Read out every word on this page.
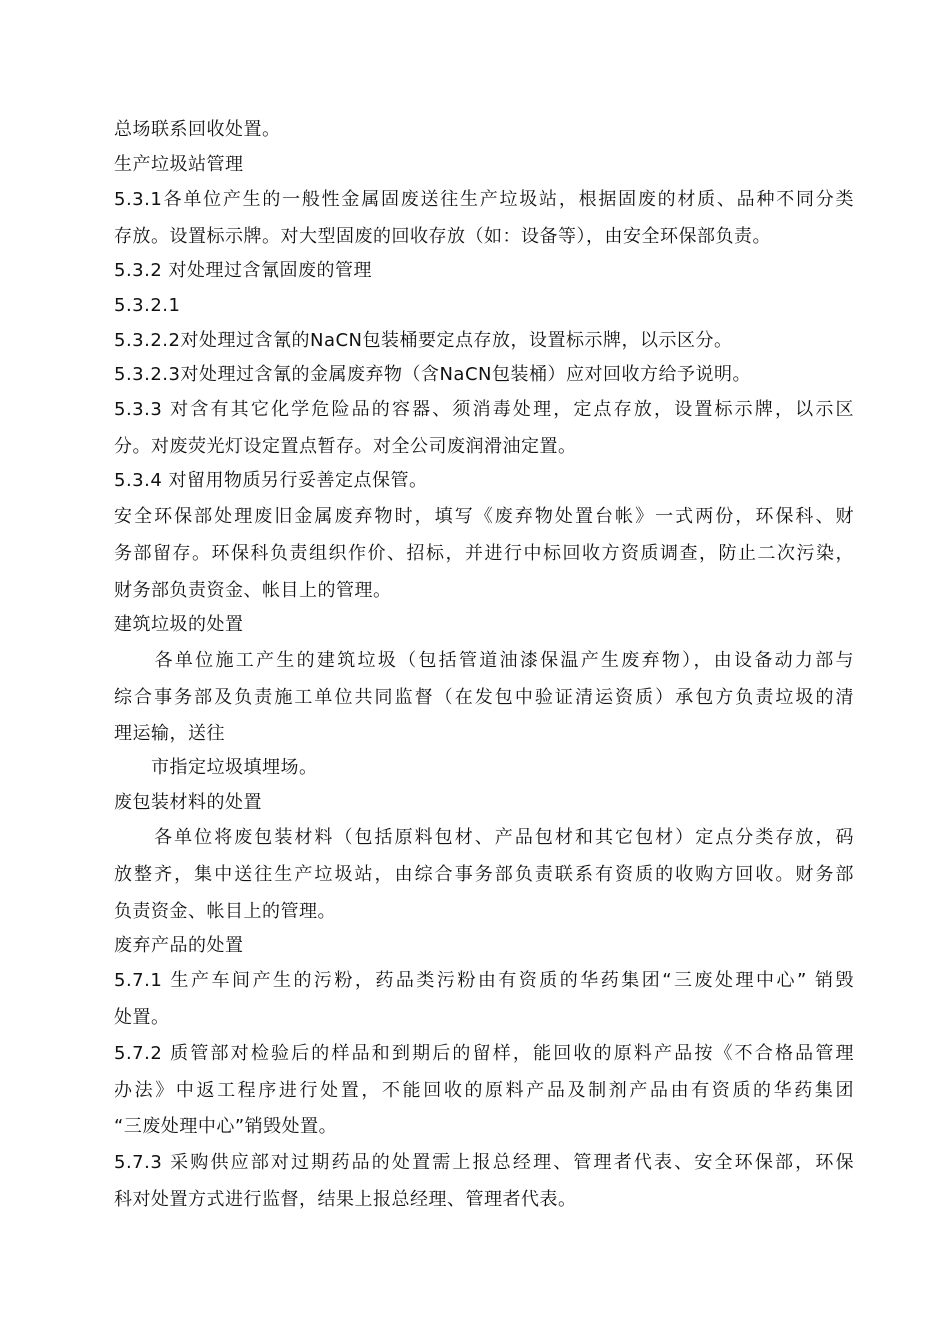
总场联系回收处置。
生产垃圾站管理
5.3.1各单位产生的一般性金属固废送往生产垃圾站，根据固废的材质、品种不同分类
存放。设置标示牌。对大型固废的回收存放（如：设备等），由安全环保部负责。
5.3.2 对处理过含氰固废的管理
5.3.2.1
5.3.2.2对处理过含氰的NaCN包装桶要定点存放，设置标示牌，以示区分。
5.3.2.3对处理过含氰的金属废弃物（含NaCN包装桶）应对回收方给予说明。
5.3.3 对含有其它化学危险品的容器、须消毒处理，定点存放，设置标示牌，以示区
分。对废荧光灯设定置点暂存。对全公司废润滑油定置。
5.3.4 对留用物质另行妥善定点保管。
安全环保部处理废旧金属废弃物时，填写《废弃物处置台帐》一式两份，环保科、财
务部留存。环保科负责组织作价、招标，并进行中标回收方资质调查，防止二次污染，
财务部负责资金、帐目上的管理。
建筑垃圾的处置
　　各单位施工产生的建筑垃圾（包括管道油漆保温产生废弃物），由设备动力部与
综合事务部及负责施工单位共同监督（在发包中验证清运资质）承包方负责垃圾的清
理运输，送往
　　市指定垃圾填埋场。
废包装材料的处置
　　各单位将废包装材料（包括原料包材、产品包材和其它包材）定点分类存放，码
放整齐，集中送往生产垃圾站，由综合事务部负责联系有资质的收购方回收。财务部
负责资金、帐目上的管理。
废弃产品的处置
5.7.1 生产车间产生的污粉，药品类污粉由有资质的华药集团“三废处理中心” 销毁
处置。
5.7.2 质管部对检验后的样品和到期后的留样，能回收的原料产品按《不合格品管理
办法》中返工程序进行处置，不能回收的原料产品及制剂产品由有资质的华药集团
“三废处理中心”销毁处置。
5.7.3 采购供应部对过期药品的处置需上报总经理、管理者代表、安全环保部，环保
科对处置方式进行监督，结果上报总经理、管理者代表。
